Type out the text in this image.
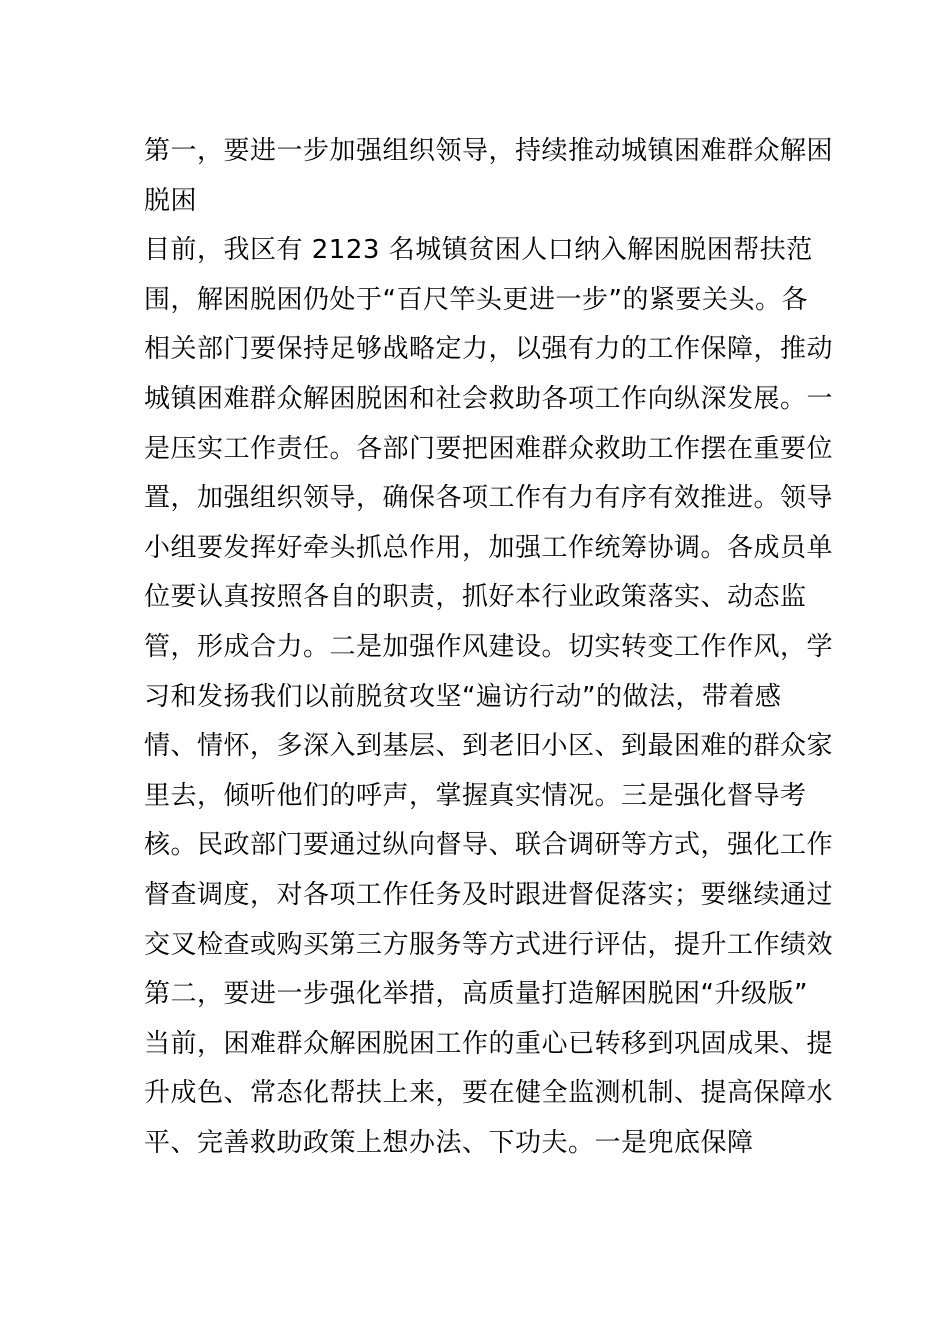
第一，要进一步加强组织领导，持续推动城镇困难群众解困脱困

目前，我区有 2123 名城镇贫困人口纳入解困脱困帮扶范围，解困脱困仍处于“百尺竿头更进一步”的紧要关头。各相关部门要保持足够战略定力，以强有力的工作保障，推动城镇困难群众解困脱困和社会救助各项工作向纵深发展。一是压实工作责任。各部门要把困难群众救助工作摆在重要位置，加强组织领导，确保各项工作有力有序有效推进。领导小组要发挥好牵头抓总作用，加强工作统筹协调。各成员单位要认真按照各自的职责，抓好本行业政策落实、动态监管，形成合力。二是加强作风建设。切实转变工作作风，学习和发扬我们以前脱贫攻坚“遍访行动”的做法，带着感情、情怀，多深入到基层、到老旧小区、到最困难的群众家里去，倾听他们的呼声，掌握真实情况。三是强化督导考核。民政部门要通过纵向督导、联合调研等方式，强化工作督查调度，对各项工作任务及时跟进督促落实；要继续通过交叉检查或购买第三方服务等方式进行评估，提升工作绩效

第二，要进一步强化举措，高质量打造解困脱困“升级版”

当前，困难群众解困脱困工作的重心已转移到巩固成果、提升成色、常态化帮扶上来，要在健全监测机制、提高保障水平、完善救助政策上想办法、下功夫。一是兜底保障
